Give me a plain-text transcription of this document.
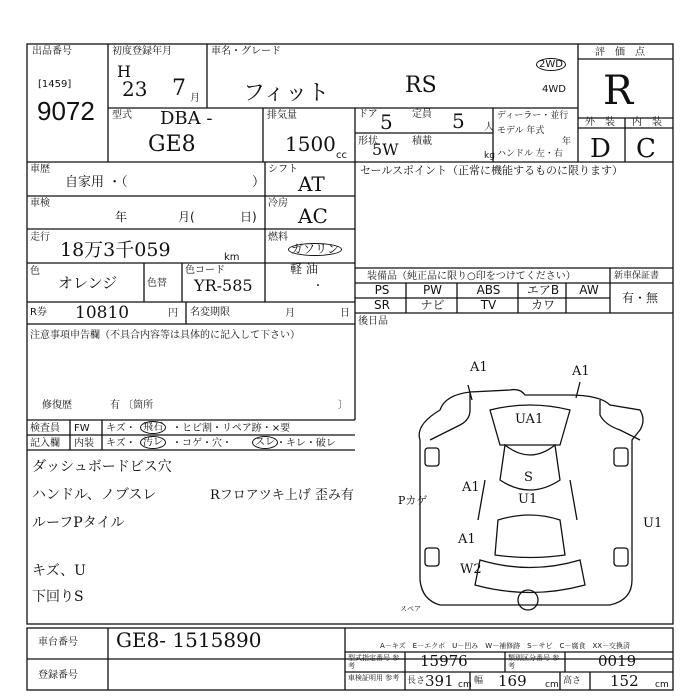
出品番号
[1459]
9072
初度登録年月
H
23 7 月
車名・グレード
フィット	RS
2WD
4WD
評　価　点
R
外　装 内　装
D C
型式 DBA -
GE8
排気量
1500 cc
ドア 5 定員 5 人
形状
5W 積載
kg
ディーラー・並行
モデル 年式
年
ハンドル 左・右
車歴
自家用 ・（	）
シフト
AT
セールスポイント（正常に機能するものに限ります）
車検
年	月(	日)
冷房
AC
走行
18万3千059	km
燃料
ガソリン
軽 油
・
色
オレンジ	色替
色コード
YR-585
R券 10810	円 名変期限	月	日
装備品（純正品に限り○印をつけてください）	新車保証書
有・無
PS	PW	ABS	エアB	AW
SR	ナビ	TV	カワ
後日品
注意事項申告欄（不具合内容等は具体的に記入して下さい）
修復歴	有 〔箇所	〕
検査員
記入欄
FW キズ・ 飛石 ・ヒビ割・リペア跡・×要
内装 キズ・ 汚レ ・コゲ・穴・	スレ ・キレ・破レ
ダッシュボードビス穴
ハンドル、ノブスレ
ルーフPタイル
キズ、U
下回りS
Rフロアツキ上げ 歪み有
A1	A1
UA1
S
U1
A1
Pカゲ
A1
W2
U1
スペア
A－キズ　E－エクボ　U－凹み　W－補修跡　S－サビ　C－腐食　XX－交換済
車台番号 GE8- 1515890
登録番号
型式指定番号 参考	15976	類別区分番号 参考	0019
車検証明用 参考 長さ 391 cm 幅 169 cm 高さ 152 cm
